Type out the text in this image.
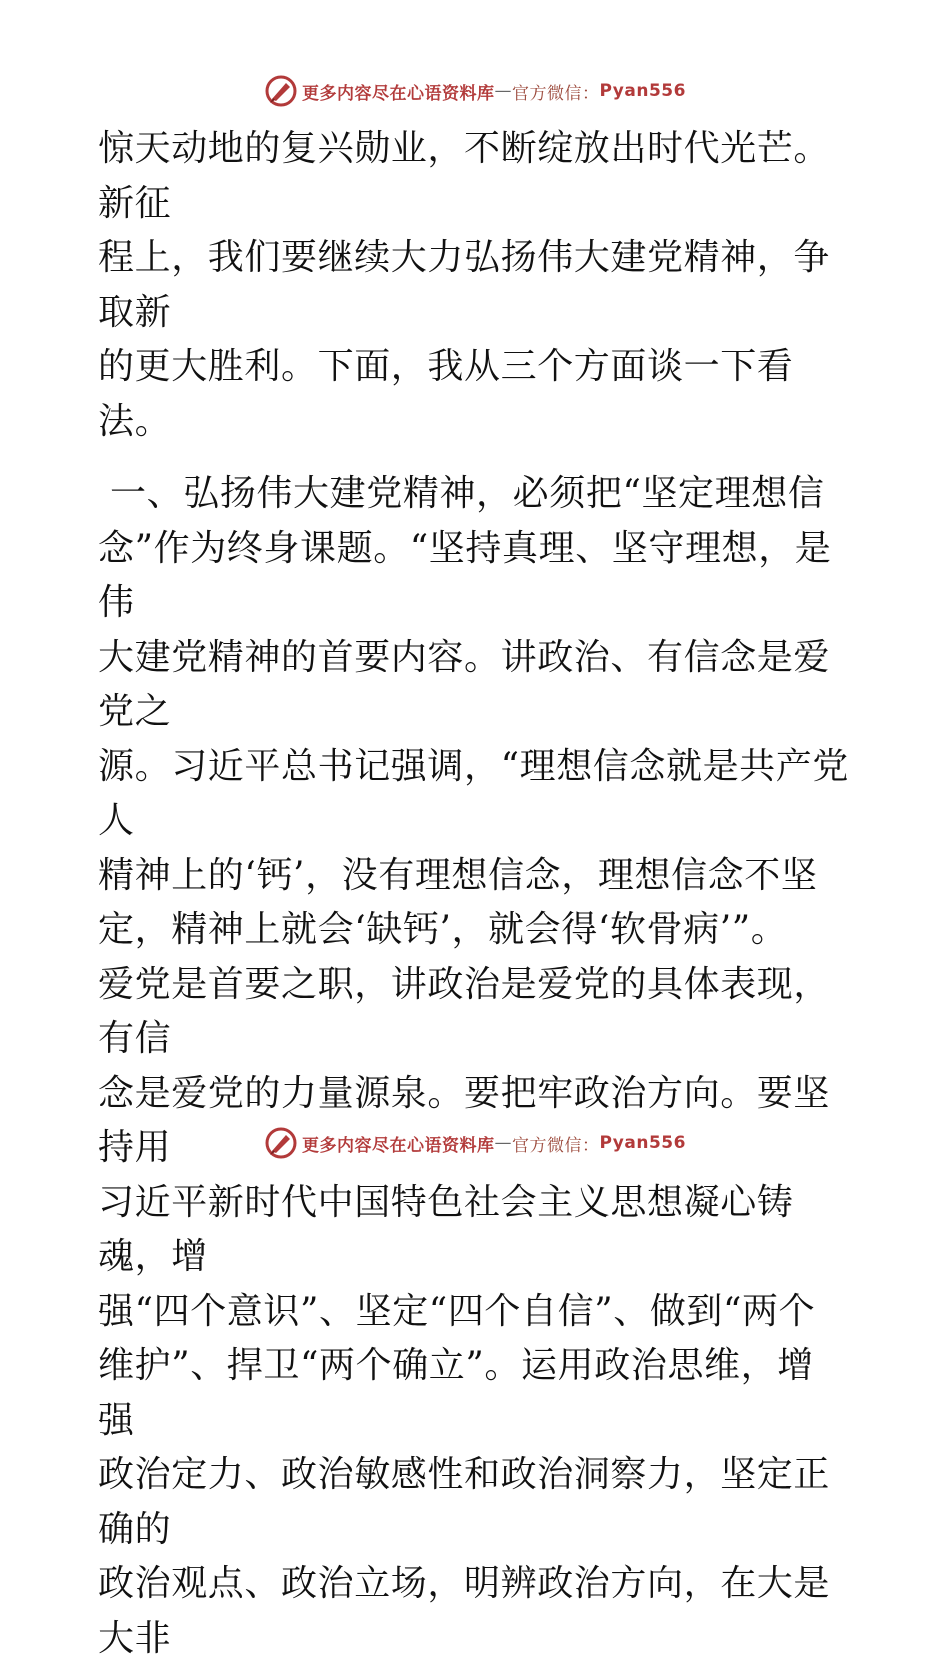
更多内容尽在心语资料库 — 官方微信： Pyan556

惊天动地的复兴勋业，不断绽放出时代光芒。新征

程上，我们要继续大力弘扬伟大建党精神，争取新

的更大胜利。下面，我从三个方面谈一下看法。

一、弘扬伟大建党精神，必须把“坚定理想信

念”作为终身课题。“坚持真理、坚守理想，是伟

大建党精神的首要内容。讲政治、有信念是爱党之

源。习近平总书记强调，“理想信念就是共产党人

精神上的‘钙’，没有理想信念，理想信念不坚

定，精神上就会‘缺钙’，就会得‘软骨病’”。

爱党是首要之职，讲政治是爱党的具体表现，有信

念是爱党的力量源泉。要把牢政治方向。要坚持用

习近平新时代中国特色社会主义思想凝心铸魂，增

强“四个意识”、坚定“四个自信”、做到“两个

维护”、捍卫“两个确立”。运用政治思维，增强

政治定力、政治敏感性和政治洞察力，坚定正确的

政治观点、政治立场，明辨政治方向，在大是大非

更多内容尽在心语资料库 — 官方微信： Pyan556
